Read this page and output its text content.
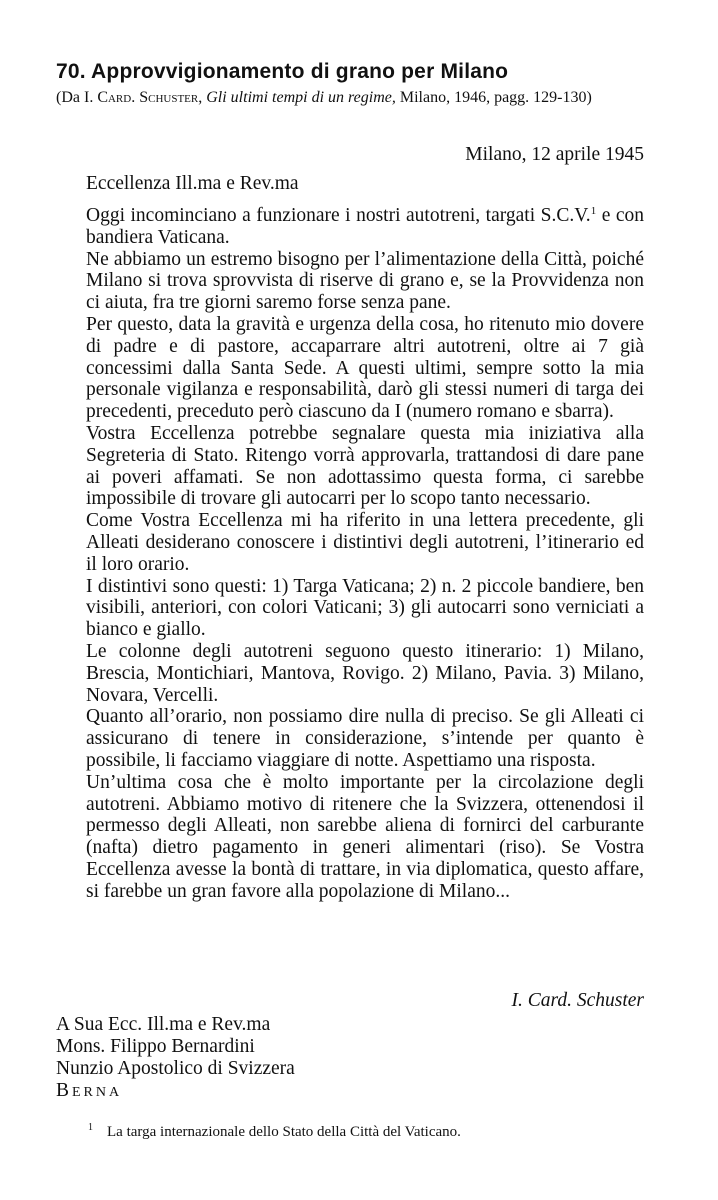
70. Approvvigionamento di grano per Milano
(Da I. Card. Schuster, Gli ultimi tempi di un regime, Milano, 1946, pagg. 129-130)
Milano, 12 aprile 1945
Eccellenza Ill.ma e Rev.ma

Oggi incominciano a funzionare i nostri autotreni, targati S.C.V.$^1$ e con bandiera Vaticana.

Ne abbiamo un estremo bisogno per l’alimentazione della Città, poiché Milano si trova sprovvista di riserve di grano e, se la Provvidenza non ci aiuta, fra tre giorni saremo forse senza pane.

Per questo, data la gravità e urgenza della cosa, ho ritenuto mio dovere di padre e di pastore, accaparrare altri autotreni, oltre ai 7 già concessimi dalla Santa Sede. A questi ultimi, sempre sotto la mia personale vigilanza e responsabilità, darò gli stessi numeri di targa dei precedenti, preceduto però ciascuno da I (numero romano e sbarra).

Vostra Eccellenza potrebbe segnalare questa mia iniziativa alla Segreteria di Stato. Ritengo vorrà approvarla, trattandosi di dare pane ai poveri affamati. Se non adottassimo questa forma, ci sarebbe impossibile di trovare gli autocarri per lo scopo tanto necessario.

Come Vostra Eccellenza mi ha riferito in una lettera precedente, gli Alleati desiderano conoscere i distintivi degli autotreni, l’itinerario ed il loro orario.

I distintivi sono questi: 1) Targa Vaticana; 2) n. 2 piccole bandiere, ben visibili, anteriori, con colori Vaticani; 3) gli autocarri sono verniciati a bianco e giallo.

Le colonne degli autotreni seguono questo itinerario: 1) Milano, Brescia, Montichiari, Mantova, Rovigo. 2) Milano, Pavia. 3) Milano, Novara, Vercelli.

Quanto all’orario, non possiamo dire nulla di preciso. Se gli Alleati ci assicurano di tenere in considerazione, s’intende per quanto è possibile, li facciamo viaggiare di notte. Aspettiamo una risposta.

Un’ultima cosa che è molto importante per la circolazione degli autotreni. Abbiamo motivo di ritenere che la Svizzera, ottenendosi il permesso degli Alleati, non sarebbe aliena di fornirci del carburante (nafta) dietro pagamento in generi alimentari (riso). Se Vostra Eccellenza avesse la bontà di trattare, in via diplomatica, questo affare, si farebbe un gran favore alla popolazione di Milano...

I. Card. Schuster
A Sua Ecc. Ill.ma e Rev.ma
Mons. Filippo Bernardini
Nunzio Apostolico di Svizzera
Berna
$^1$ La targa internazionale dello Stato della Città del Vaticano.
